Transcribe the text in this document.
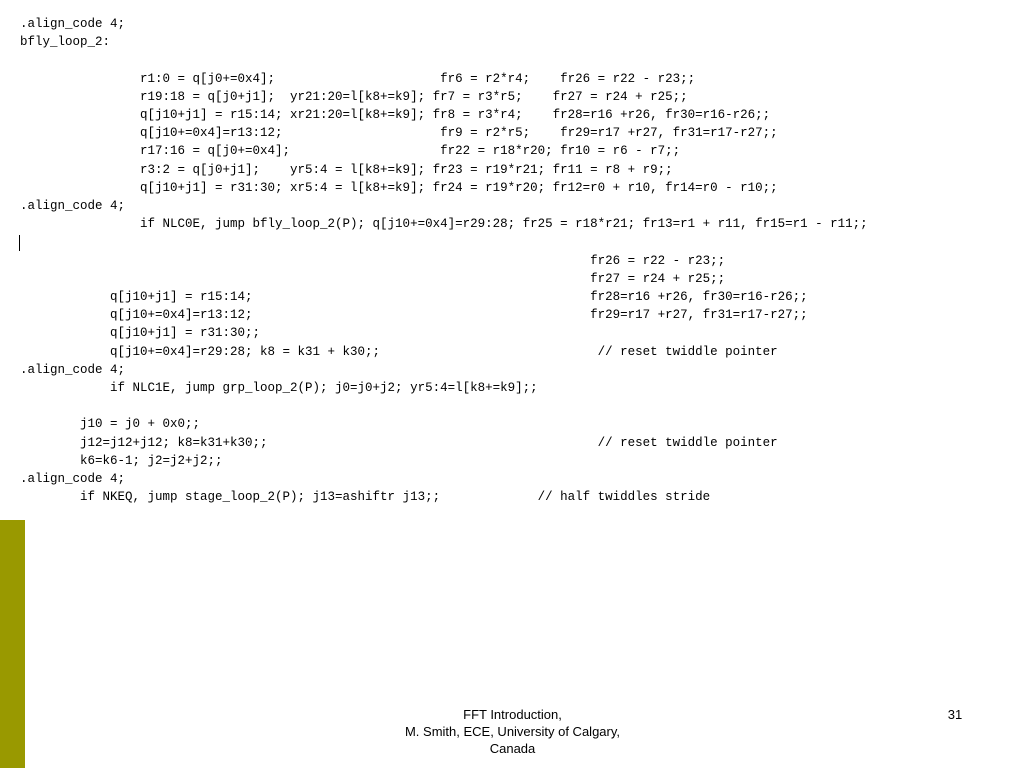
.align_code 4;
bfly_loop_2:
r1:0 = q[j0+=0x4];                      fr6 = r2*r4;    fr26 = r22 - r23;;
r19:18 = q[j0+j1];  yr21:20=l[k8+=k9]; fr7 = r3*r5;    fr27 = r24 + r25;;
q[j10+j1] = r15:14; xr21:20=l[k8+=k9]; fr8 = r3*r4;    fr28=r16 +r26, fr30=r16-r26;;
q[j10+=0x4]=r13:12;                     fr9 = r2*r5;    fr29=r17 +r27, fr31=r17-r27;;
r17:16 = q[j0+=0x4];                    fr22 = r18*r20; fr10 = r6 - r7;;
r3:2 = q[j0+j1];    yr5:4 = l[k8+=k9]; fr23 = r19*r21; fr11 = r8 + r9;;
q[j10+j1] = r31:30; xr5:4 = l[k8+=k9]; fr24 = r19*r20; fr12=r0 + r10, fr14=r0 - r10;;
.align_code 4;
if NLC0E, jump bfly_loop_2(P); q[j10+=0x4]=r29:28; fr25 = r18*r21; fr13=r1 + r11, fr15=r1 - r11;;
fr26 = r22 - r23;;
fr27 = r24 + r25;;
q[j10+j1] = r15:14;                                             fr28=r16 +r26, fr30=r16-r26;;
q[j10+=0x4]=r13:12;                                             fr29=r17 +r27, fr31=r17-r27;;
q[j10+j1] = r31:30;;
q[j10+=0x4]=r29:28; k8 = k31 + k30;;                             // reset twiddle pointer
.align_code 4;
if NLC1E, jump grp_loop_2(P); j0=j0+j2; yr5:4=l[k8+=k9];;
j10 = j0 + 0x0;;
j12=j12+j12; k8=k31+k30;;                                            // reset twiddle pointer
k6=k6-1; j2=j2+j2;;
.align_code 4;
if NKEQ, jump stage_loop_2(P); j13=ashiftr j13;;             // half twiddles stride
FFT Introduction,
M. Smith, ECE, University of Calgary,
Canada
31
